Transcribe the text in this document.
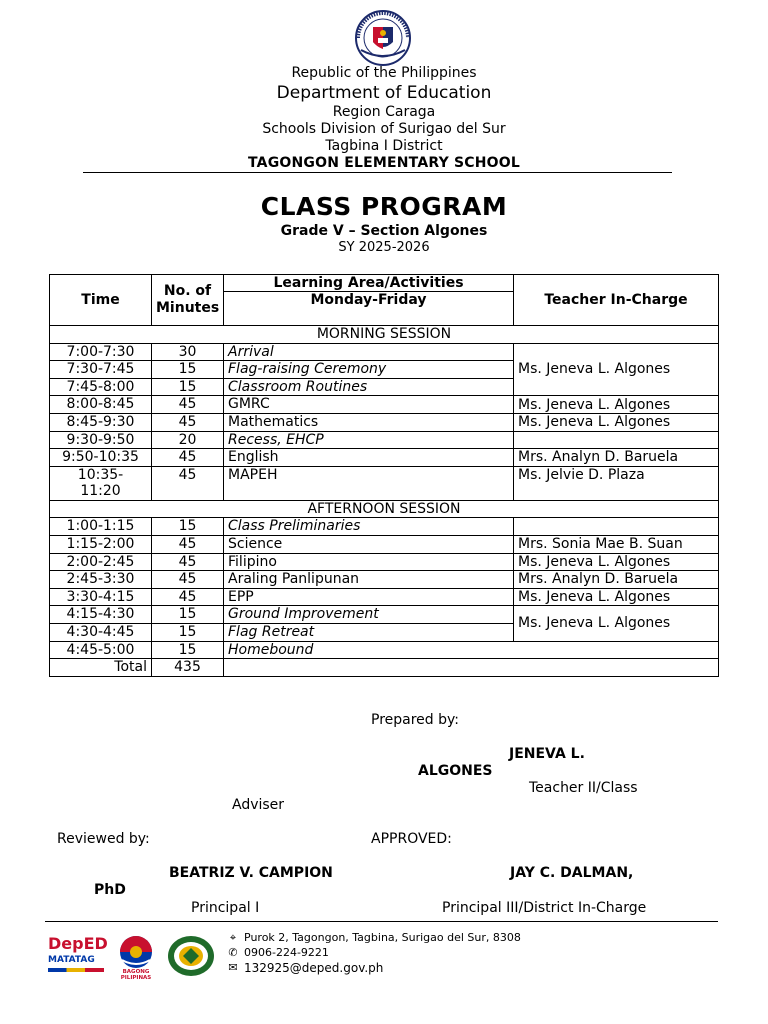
Republic of the Philippines
Department of Education
Region Caraga
Schools Division of Surigao del Sur
Tagbina I District
TAGONGON ELEMENTARY SCHOOL
CLASS PROGRAM
Grade V – Section Algones
SY 2025-2026
Time	No. of Minutes	Learning Area/Activities	Teacher In-Charge
		Monday-Friday	
MORNING SESSION			
7:00-7:30	30	Arrival	Ms. Jeneva L. Algones
7:30-7:45	15	Flag-raising Ceremony	
7:45-8:00	15	Classroom Routines	
8:00-8:45	45	GMRC	Ms. Jeneva L. Algones
8:45-9:30	45	Mathematics	Ms. Jeneva L. Algones
9:30-9:50	20	Recess, EHCP	
9:50-10:35	45	English	Mrs. Analyn D. Baruela
10:35-11:20	45	MAPEH	Ms. Jelvie D. Plaza
AFTERNOON SESSION			
1:00-1:15	15	Class Preliminaries	
1:15-2:00	45	Science	Mrs. Sonia Mae B. Suan
2:00-2:45	45	Filipino	Ms. Jeneva L. Algones
2:45-3:30	45	Araling Panlipunan	Mrs. Analyn D. Baruela
3:30-4:15	45	EPP	Ms. Jeneva L. Algones
4:15-4:30	15	Ground Improvement	Ms. Jeneva L. Algones
4:30-4:45	15	Flag Retreat	
4:45-5:00	15	Homebound	
Total	435		
Prepared by:
JENEVA L.
ALGONES
Teacher II/Class
Adviser
Reviewed by:	APPROVED:
BEATRIZ V. CAMPION
PhD
JAY C. DALMAN,
Principal I	Principal III/District In-Charge
DepED
MATATAG
BAGONG PILIPINAS
⌖ Purok 2, Tagongon, Tagbina, Surigao del Sur, 8308
✆ 0906-224-9221
✉ 132925@deped.gov.ph
